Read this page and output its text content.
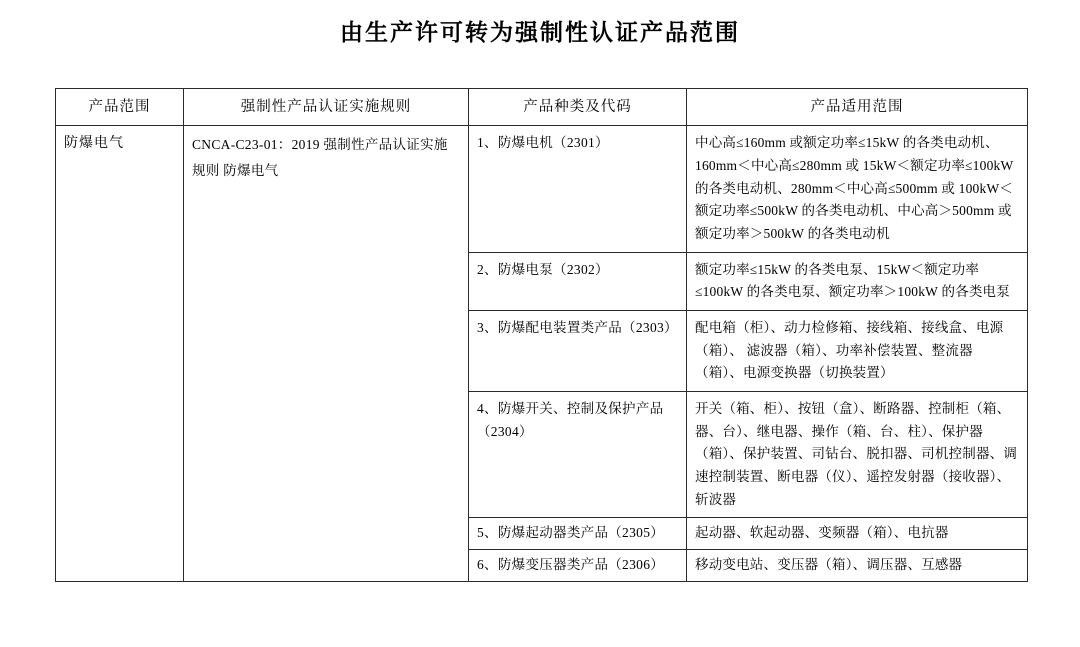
由生产许可转为强制性认证产品范围
产品范围	强制性产品认证实施规则	产品种类及代码	产品适用范围
防爆电气	CNCA-C23-01：2019 强制性产品认证实施规则 防爆电气	1、防爆电机（2301）	中心高≤160mm 或额定功率≤15kW 的各类电动机、160mm＜中心高≤280mm 或 15kW＜额定功率≤100kW 的各类电动机、280mm＜中心高≤500mm 或 100kW＜额定功率≤500kW 的各类电动机、中心高＞500mm 或额定功率＞500kW 的各类电动机
		2、防爆电泵（2302）	额定功率≤15kW 的各类电泵、15kW＜额定功率≤100kW 的各类电泵、额定功率＞100kW 的各类电泵
		3、防爆配电装置类产品（2303）	配电箱（柜）、动力检修箱、接线箱、接线盒、电源（箱）、 滤波器（箱）、功率补偿装置、整流器（箱）、电源变换器（切换装置）
		4、防爆开关、控制及保护产品（2304）	开关（箱、柜）、按钮（盒）、断路器、控制柜（箱、器、台）、继电器、操作（箱、台、柱）、保护器（箱）、保护装置、司钻台、脱扣器、司机控制器、调速控制装置、断电器（仪）、遥控发射器（接收器）、斩波器
		5、防爆起动器类产品（2305）	起动器、软起动器、变频器（箱）、电抗器
		6、防爆变压器类产品（2306）	移动变电站、变压器（箱）、调压器、互感器
